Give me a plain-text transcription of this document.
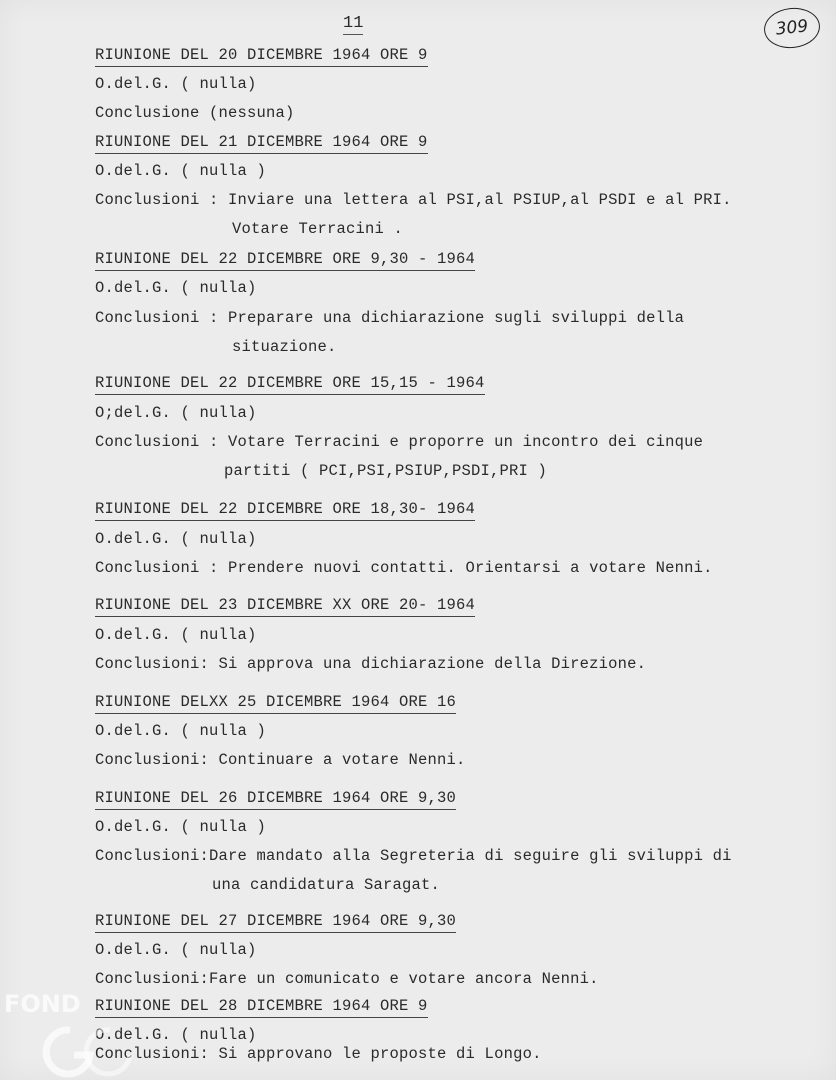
11	309
RIUNIONE DEL 20 DICEMBRE 1964 ORE 9
O.del.G. ( nulla)
Conclusione (nessuna)
RIUNIONE DEL 21 DICEMBRE 1964 ORE 9
O.del.G. ( nulla )
Conclusioni : Inviare una lettera al PSI,al PSIUP,al PSDI e al PRI.
Votare Terracini .
RIUNIONE DEL 22 DICEMBRE ORE 9,30 - 1964
O.del.G. ( nulla)
Conclusioni : Preparare una dichiarazione sugli sviluppi della
situazione.
RIUNIONE DEL 22 DICEMBRE ORE 15,15 - 1964
O;del.G. ( nulla)
Conclusioni : Votare Terracini e proporre un incontro dei cinque
partiti ( PCI,PSI,PSIUP,PSDI,PRI )
RIUNIONE DEL 22 DICEMBRE ORE 18,30- 1964
O.del.G. ( nulla)
Conclusioni : Prendere nuovi contatti. Orientarsi a votare Nenni.
RIUNIONE DEL 23 DICEMBRE XX ORE 20- 1964
O.del.G. ( nulla)
Conclusioni: Si approva una dichiarazione della Direzione.
RIUNIONE DELXX 25 DICEMBRE 1964 ORE 16
O.del.G. ( nulla )
Conclusioni: Continuare a votare Nenni.
RIUNIONE DEL 26 DICEMBRE 1964 ORE 9,30
O.del.G. ( nulla )
Conclusioni:Dare mandato alla Segreteria di seguire gli sviluppi di
una candidatura Saragat.
RIUNIONE DEL 27 DICEMBRE 1964 ORE 9,30
O.del.G. ( nulla)
Conclusioni:Fare un comunicato e votare ancora Nenni.
RIUNIONE DEL 28 DICEMBRE 1964 ORE 9
O.del.G. ( nulla)
Conclusioni: Si approvano le proposte di Longo.
FOND
